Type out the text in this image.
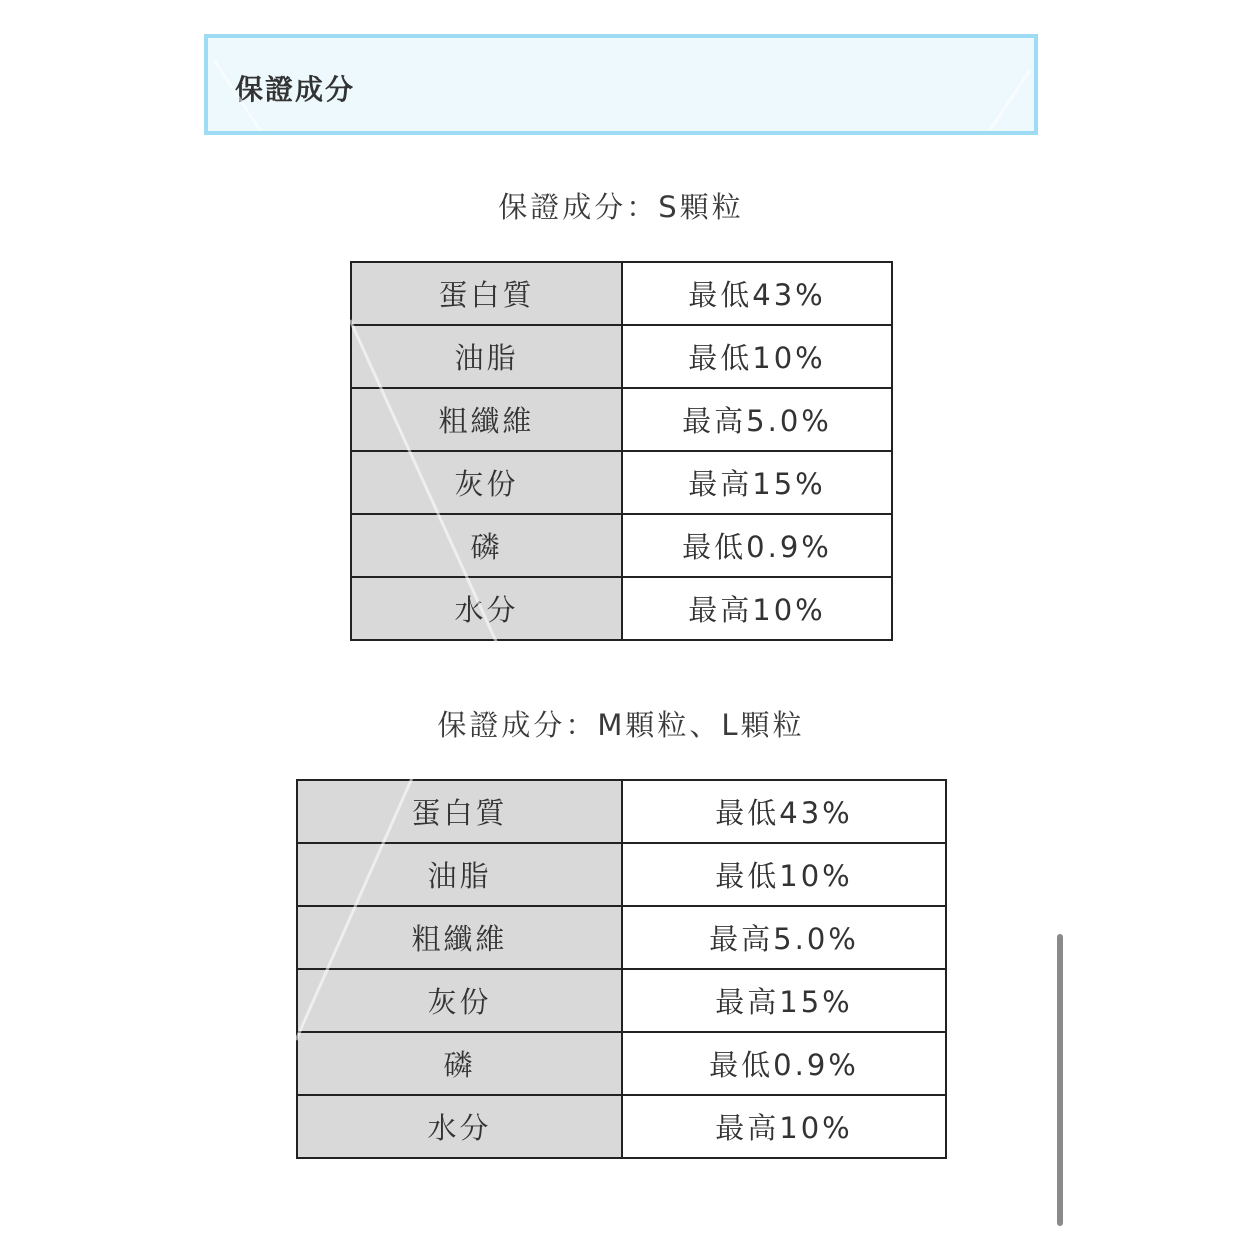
保證成分
保證成分：S顆粒
蛋白質	最低43%
油脂	最低10%
粗纖維	最高5.0%
灰份	最高15%
磷	最低0.9%
水分	最高10%
保證成分：M顆粒、L顆粒
蛋白質	最低43%
油脂	最低10%
粗纖維	最高5.0%
灰份	最高15%
磷	最低0.9%
水分	最高10%
